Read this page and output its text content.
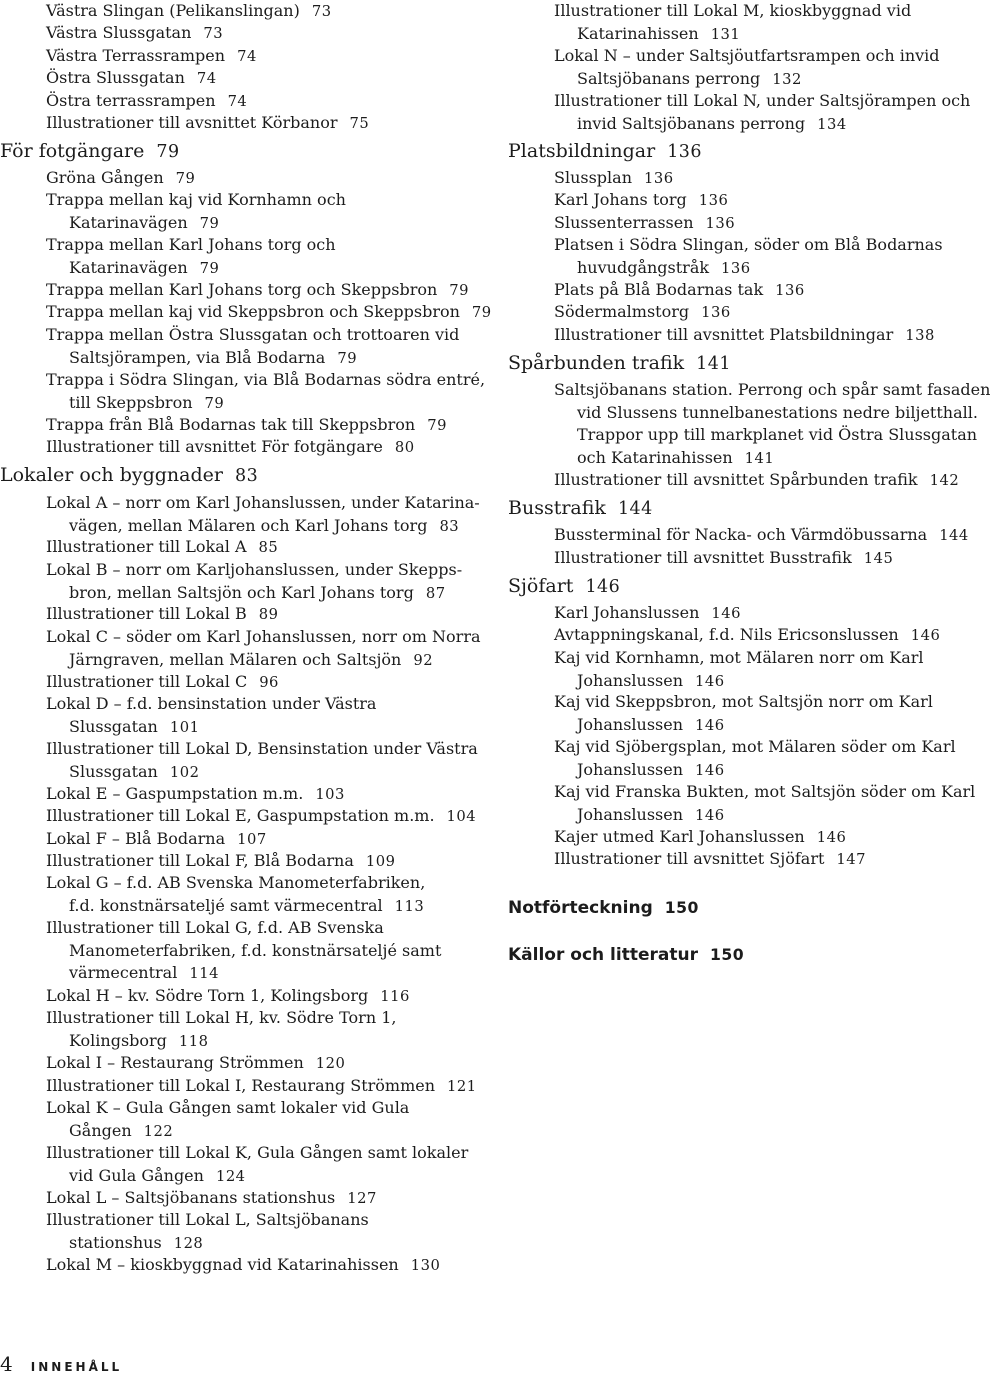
Västra Slingan (Pelikanslingan) 73
Västra Slussgatan 73
Västra Terrassrampen 74
Östra Slussgatan 74
Östra terrassrampen 74
Illustrationer till avsnittet Körbanor 75
För fotgängare 79
Gröna Gången 79
Trappa mellan kaj vid Kornhamn och
Katarinavägen 79
Trappa mellan Karl Johans torg och
Katarinavägen 79
Trappa mellan Karl Johans torg och Skeppsbron 79
Trappa mellan kaj vid Skeppsbron och Skeppsbron 79
Trappa mellan Östra Slussgatan och trottoaren vid
Saltsjörampen, via Blå Bodarna 79
Trappa i Södra Slingan, via Blå Bodarnas södra entré,
till Skeppsbron 79
Trappa från Blå Bodarnas tak till Skeppsbron 79
Illustrationer till avsnittet För fotgängare 80
Lokaler och byggnader 83
Lokal A – norr om Karl Johanslussen, under Katarina-
vägen, mellan Mälaren och Karl Johans torg 83
Illustrationer till Lokal A 85
Lokal B – norr om Karljohanslussen, under Skepps-
bron, mellan Saltsjön och Karl Johans torg 87
Illustrationer till Lokal B 89
Lokal C – söder om Karl Johanslussen, norr om Norra
Järngraven, mellan Mälaren och Saltsjön 92
Illustrationer till Lokal C 96
Lokal D – f.d. bensinstation under Västra
Slussgatan 101
Illustrationer till Lokal D, Bensinstation under Västra
Slussgatan 102
Lokal E – Gaspumpstation m.m. 103
Illustrationer till Lokal E, Gaspumpstation m.m. 104
Lokal F – Blå Bodarna 107
Illustrationer till Lokal F, Blå Bodarna 109
Lokal G – f.d. AB Svenska Manometerfabriken,
f.d. konstnärsateljé samt värmecentral 113
Illustrationer till Lokal G, f.d. AB Svenska
Manometerfabriken, f.d. konstnärsateljé samt
värmecentral 114
Lokal H – kv. Södre Torn 1, Kolingsborg 116
Illustrationer till Lokal H, kv. Södre Torn 1,
Kolingsborg 118
Lokal I – Restaurang Strömmen 120
Illustrationer till Lokal I, Restaurang Strömmen 121
Lokal K – Gula Gången samt lokaler vid Gula
Gången 122
Illustrationer till Lokal K, Gula Gången samt lokaler
vid Gula Gången 124
Lokal L – Saltsjöbanans stationshus 127
Illustrationer till Lokal L, Saltsjöbanans
stationshus 128
Lokal M – kioskbyggnad vid Katarinahissen 130
Illustrationer till Lokal M, kioskbyggnad vid
Katarinahissen 131
Lokal N – under Saltsjöutfartsrampen och invid
Saltsjöbanans perrong 132
Illustrationer till Lokal N, under Saltsjörampen och
invid Saltsjöbanans perrong 134
Platsbildningar 136
Slussplan 136
Karl Johans torg 136
Slussenterrassen 136
Platsen i Södra Slingan, söder om Blå Bodarnas
huvudgångstråk 136
Plats på Blå Bodarnas tak 136
Södermalmstorg 136
Illustrationer till avsnittet Platsbildningar 138
Spårbunden trafik 141
Saltsjöbanans station. Perrong och spår samt fasaden
vid Slussens tunnelbanestations nedre biljetthall.
Trappor upp till markplanet vid Östra Slussgatan
och Katarinahissen 141
Illustrationer till avsnittet Spårbunden trafik 142
Busstrafik 144
Bussterminal för Nacka- och Värmdöbussarna 144
Illustrationer till avsnittet Busstrafik 145
Sjöfart 146
Karl Johanslussen 146
Avtappningskanal, f.d. Nils Ericsonslussen 146
Kaj vid Kornhamn, mot Mälaren norr om Karl
Johanslussen 146
Kaj vid Skeppsbron, mot Saltsjön norr om Karl
Johanslussen 146
Kaj vid Sjöbergsplan, mot Mälaren söder om Karl
Johanslussen 146
Kaj vid Franska Bukten, mot Saltsjön söder om Karl
Johanslussen 146
Kajer utmed Karl Johanslussen 146
Illustrationer till avsnittet Sjöfart 147
Notförteckning 150
Källor och litteratur 150
4 INNEHÅLL
